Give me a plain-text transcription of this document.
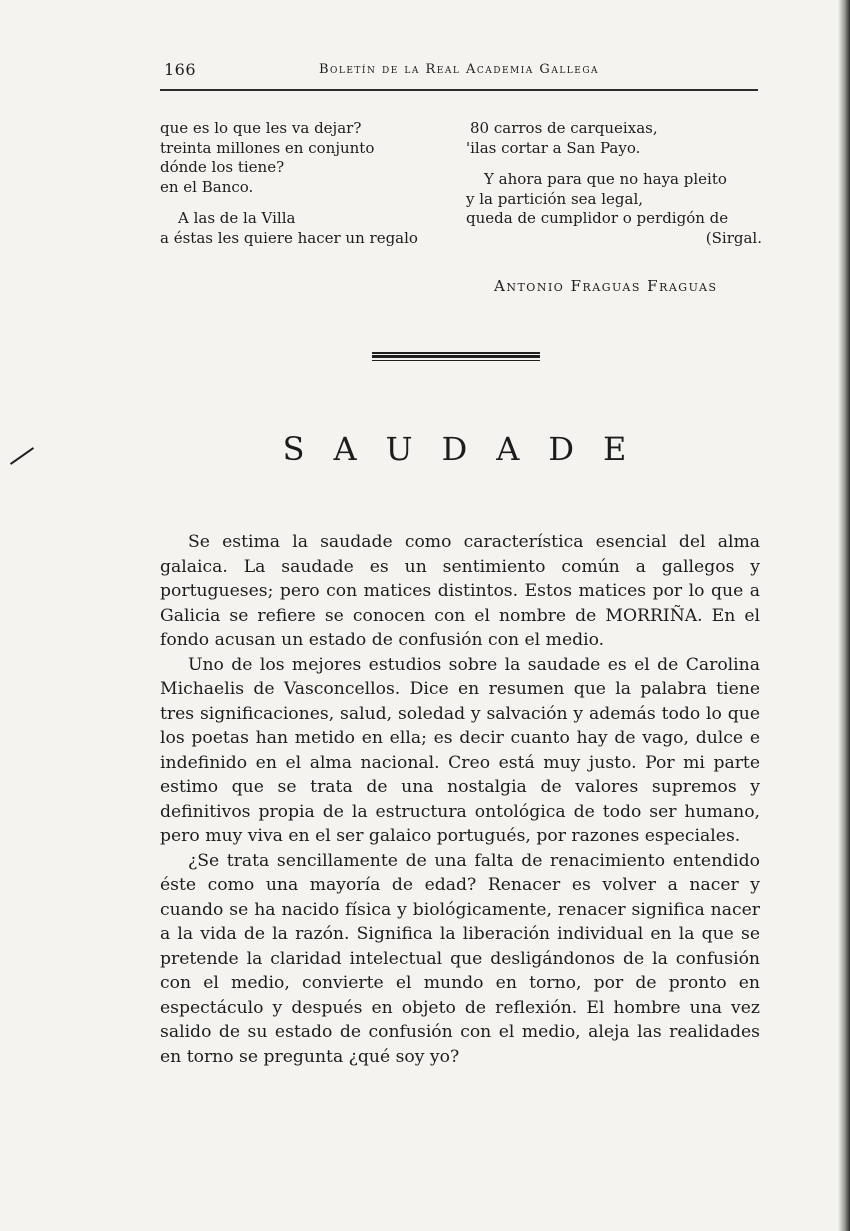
166	Boletín de la Real Academia Gallega
que es lo que les va dejar?
treinta millones en conjunto
dónde los tiene?
en el Banco.
A las de la Villa
a éstas les quiere hacer un regalo
80 carros de carqueixas,
'ilas cortar a San Payo.
Y ahora para que no haya pleito
y la partición sea legal,
queda de cumplidor o perdigón de
(Sirgal.
Antonio Fraguas Fraguas
SAUDADE

Se estima la saudade como característica esencial del alma galaica. La saudade es un sentimiento común a gallegos y portugueses; pero con matices distintos. Estos matices por lo que a Galicia se refiere se conocen con el nombre de MORRIÑA. En el fondo acusan un estado de confusión con el medio.

Uno de los mejores estudios sobre la saudade es el de Carolina Michaelis de Vasconcellos. Dice en resumen que la palabra tiene tres significaciones, salud, soledad y salvación y además todo lo que los poetas han metido en ella; es decir cuanto hay de vago, dulce e indefinido en el alma nacional. Creo está muy justo. Por mi parte estimo que se trata de una nostalgia de valores supremos y definitivos propia de la estructura ontológica de todo ser humano, pero muy viva en el ser galaico portugués, por razones especiales.

¿Se trata sencillamente de una falta de renacimiento entendido éste como una mayoría de edad? Renacer es volver a nacer y cuando se ha nacido física y biológicamente, renacer significa nacer a la vida de la razón. Significa la liberación individual en la que se pretende la claridad intelectual que desligándonos de la confusión con el medio, convierte el mundo en torno, por de pronto en espectáculo y después en objeto de reflexión. El hombre una vez salido de su estado de confusión con el medio, aleja las realidades en torno se pregunta ¿qué soy yo?
